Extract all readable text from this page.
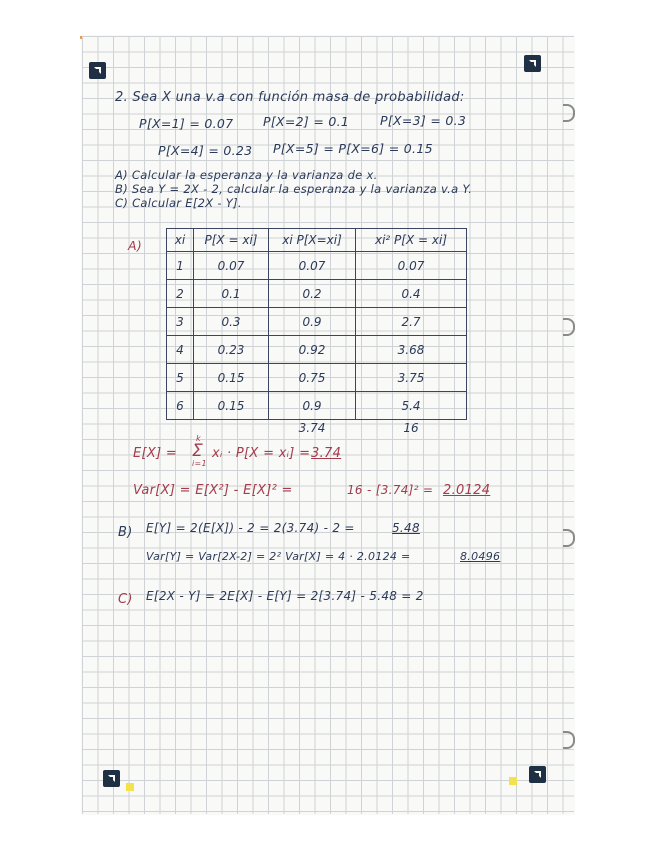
2. Sea X una v.a con función masa de probabilidad:
P[X=1] = 0.07 P[X=2] = 0.1 P[X=3] = 0.3
P[X=4] = 0.23 P[X=5] = P[X=6] = 0.15
A) Calcular la esperanza y la varianza de x.
B) Sea Y = 2X - 2, calcular la esperanza y la varianza v.a Y.
C) Calcular E[2X - Y].
A)	xi	P[X = xi]	xi P[X=xi]	xi² P[X = xi]
1	0.07	0.07	0.07
2	0.1	0.2	0.4
3	0.3	0.9	2.7
4	0.23	0.92	3.68
5	0.15	0.75	3.75
6	0.15	0.9	5.4
		3.74	16
E[X] =
k
Σ
i=1
xᵢ · P[X = xᵢ] = 3.74
Var[X] = E[X²] - E[X]² =	16 - [3.74]² = 2.0124
B) E[Y] = 2(E[X]) - 2 = 2(3.74) - 2 =	5.48
Var[Y] = Var[2X-2] = 2² Var[X] = 4 · 2.0124 =	8.0496
C) E[2X - Y] = 2E[X] - E[Y] = 2[3.74] - 5.48 = 2
